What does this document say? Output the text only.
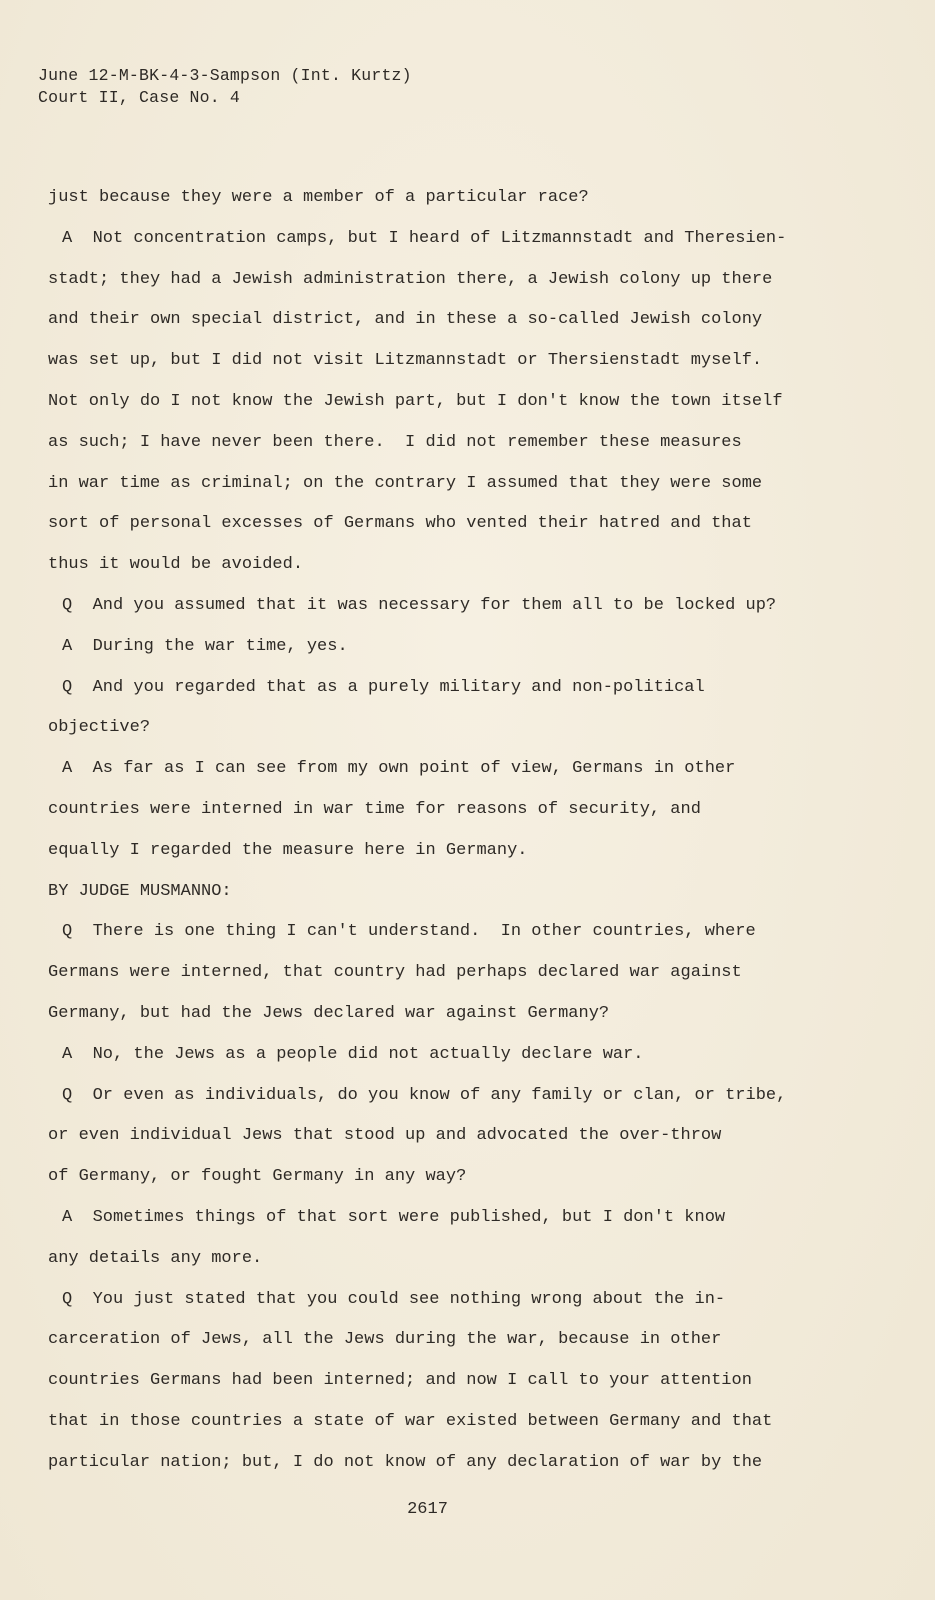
June 12-M-BK-4-3-Sampson (Int. Kurtz)
Court II, Case No. 4
just because they were a member of a particular race?
A  Not concentration camps, but I heard of Litzmannstadt and Theresien-
stadt; they had a Jewish administration there, a Jewish colony up there
and their own special district, and in these a so-called Jewish colony
was set up, but I did not visit Litzmannstadt or Thersienstadt myself.
Not only do I not know the Jewish part, but I don't know the town itself
as such; I have never been there.  I did not remember these measures
in war time as criminal; on the contrary I assumed that they were some
sort of personal excesses of Germans who vented their hatred and that
thus it would be avoided.
Q  And you assumed that it was necessary for them all to be locked up?
A  During the war time, yes.
Q  And you regarded that as a purely military and non-political
objective?
A  As far as I can see from my own point of view, Germans in other
countries were interned in war time for reasons of security, and
equally I regarded the measure here in Germany.
BY JUDGE MUSMANNO:
Q  There is one thing I can't understand.  In other countries, where
Germans were interned, that country had perhaps declared war against
Germany, but had the Jews declared war against Germany?
A  No, the Jews as a people did not actually declare war.
Q  Or even as individuals, do you know of any family or clan, or tribe,
or even individual Jews that stood up and advocated the over-throw
of Germany, or fought Germany in any way?
A  Sometimes things of that sort were published, but I don't know
any details any more.
Q  You just stated that you could see nothing wrong about the in-
carceration of Jews, all the Jews during the war, because in other
countries Germans had been interned; and now I call to your attention
that in those countries a state of war existed between Germany and that
particular nation; but, I do not know of any declaration of war by the
2617
